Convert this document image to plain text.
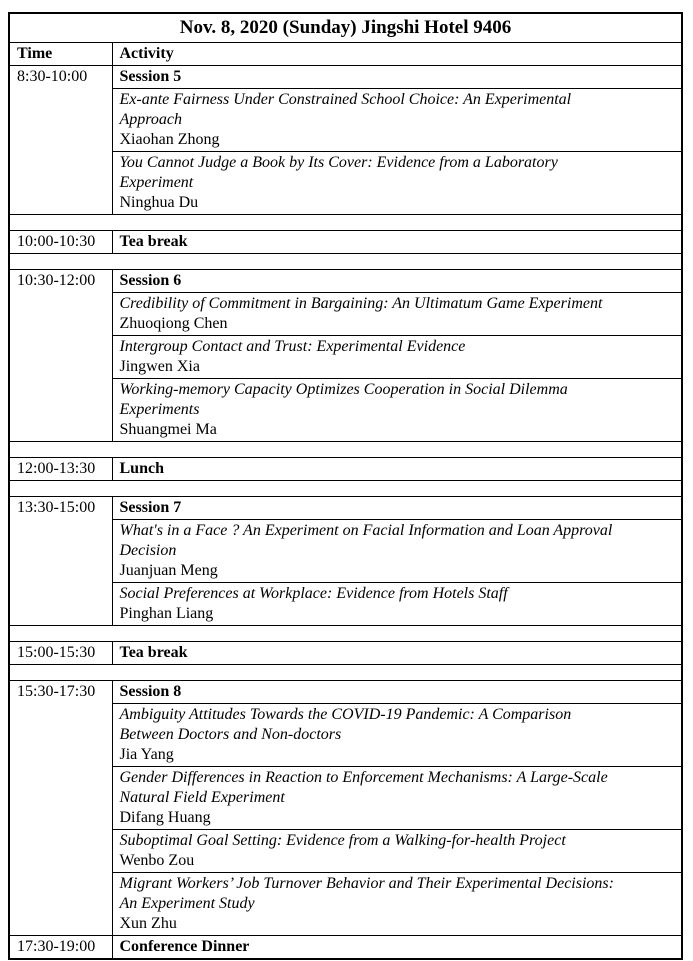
Nov. 8, 2020 (Sunday) Jingshi Hotel 9406	
Time	Activity
8:30-10:00	Session 5

	Ex-ante Fairness Under Constrained School Choice: An Experimental
Approach
Xiaohan Zhong

	You Cannot Judge a Book by Its Cover: Evidence from a Laboratory
Experiment
Ninghua Du

10:00-10:30	Tea break

10:30-12:00	Session 6

	Credibility of Commitment in Bargaining: An Ultimatum Game Experiment
Zhuoqiong Chen

	Intergroup Contact and Trust: Experimental Evidence
Jingwen Xia

	Working-memory Capacity Optimizes Cooperation in Social Dilemma
Experiments
Shuangmei Ma

12:00-13:30	Lunch

13:30-15:00	Session 7

	What's in a Face ? An Experiment on Facial Information and Loan Approval
Decision
Juanjuan Meng

	Social Preferences at Workplace: Evidence from Hotels Staff
Pinghan Liang

15:00-15:30	Tea break

15:30-17:30	Session 8

	Ambiguity Attitudes Towards the COVID-19 Pandemic: A Comparison
Between Doctors and Non-doctors
Jia Yang

	Gender Differences in Reaction to Enforcement Mechanisms: A Large-Scale
Natural Field Experiment
Difang Huang

	Suboptimal Goal Setting: Evidence from a Walking-for-health Project
Wenbo Zou

	Migrant Workers’ Job Turnover Behavior and Their Experimental Decisions:
An Experiment Study
Xun Zhu

17:30-19:00	Conference Dinner
